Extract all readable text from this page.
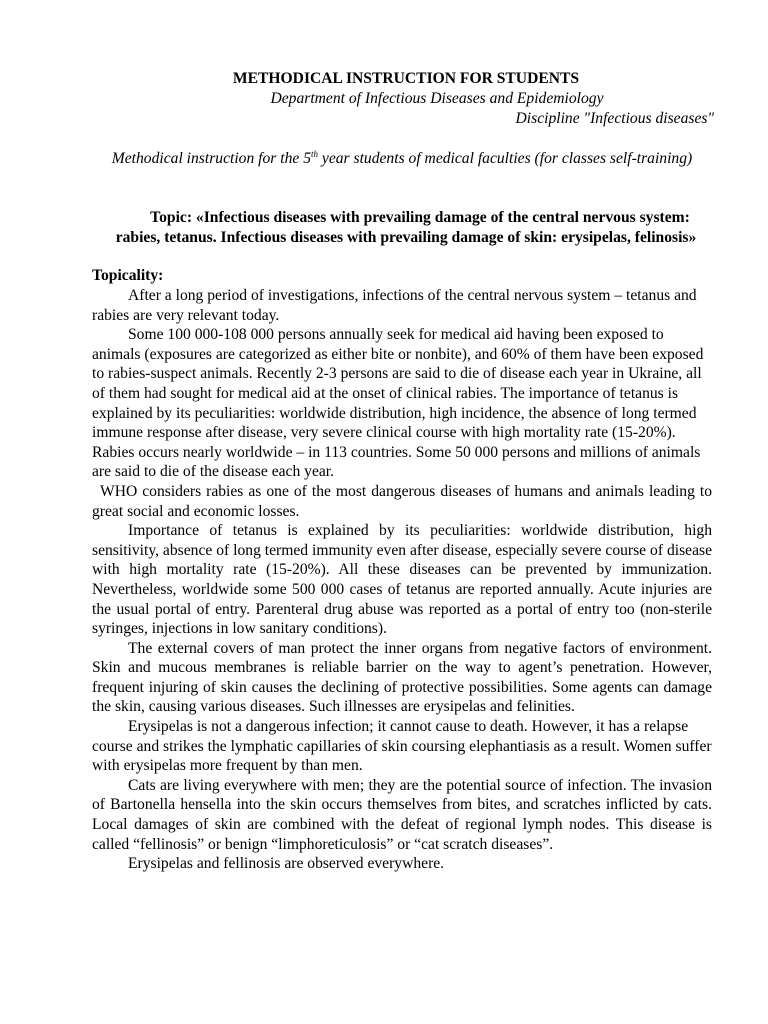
METHODICAL INSTRUCTION FOR STUDENTS
Department of Infectious Diseases and Epidemiology
Discipline "Infectious diseases"
Methodical instruction for the 5th year students of medical faculties (for classes self-training)
Topic: «Infectious diseases with prevailing damage of the central nervous system: rabies, tetanus. Infectious diseases with prevailing damage of skin: erysipelas, felinosis»
Topicality:

After a long period of investigations, infections of the central nervous system – tetanus and rabies are very relevant today.

Some 100 000-108 000 persons annually seek for medical aid having been exposed to animals (exposures are categorized as either bite or nonbite), and 60% of them have been exposed to rabies-suspect animals. Recently 2-3 persons are said to die of disease each year in Ukraine, all of them had sought for medical aid at the onset of clinical rabies. The importance of tetanus is explained by its peculiarities: worldwide distribution, high incidence, the absence of long termed immune response after disease, very severe clinical course with high mortality rate (15-20%). Rabies occurs nearly worldwide – in 113 countries. Some 50 000 persons and millions of animals are said to die of the disease each year.

WHO considers rabies as one of the most dangerous diseases of humans and animals leading to great social and economic losses.

Importance of tetanus is explained by its peculiarities: worldwide distribution, high sensitivity, absence of long termed immunity even after disease, especially severe course of disease with high mortality rate (15-20%). All these diseases can be prevented by immunization. Nevertheless, worldwide some 500 000 cases of tetanus are reported annually. Acute injuries are the usual portal of entry. Parenteral drug abuse was reported as a portal of entry too (non-sterile syringes, injections in low sanitary conditions).

The external covers of man protect the inner organs from negative factors of environment. Skin and mucous membranes is reliable barrier on the way to agent’s penetration. However, frequent injuring of skin causes the declining of protective possibilities. Some agents can damage the skin, causing various diseases. Such illnesses are erysipelas and felinities.

Erysipelas is not a dangerous infection; it cannot cause to death. However, it has a relapse course and strikes the lymphatic capillaries of skin coursing elephantiasis as a result. Women suffer with erysipelas more frequent by than men.

Cats are living everywhere with men; they are the potential source of infection. The invasion of Bartonella hensella into the skin occurs themselves from bites, and scratches inflicted by cats. Local damages of skin are combined with the defeat of regional lymph nodes. This disease is called “fellinosis” or benign “limphoreticulosis” or “cat scratch diseases”.

Erysipelas and fellinosis are observed everywhere.
